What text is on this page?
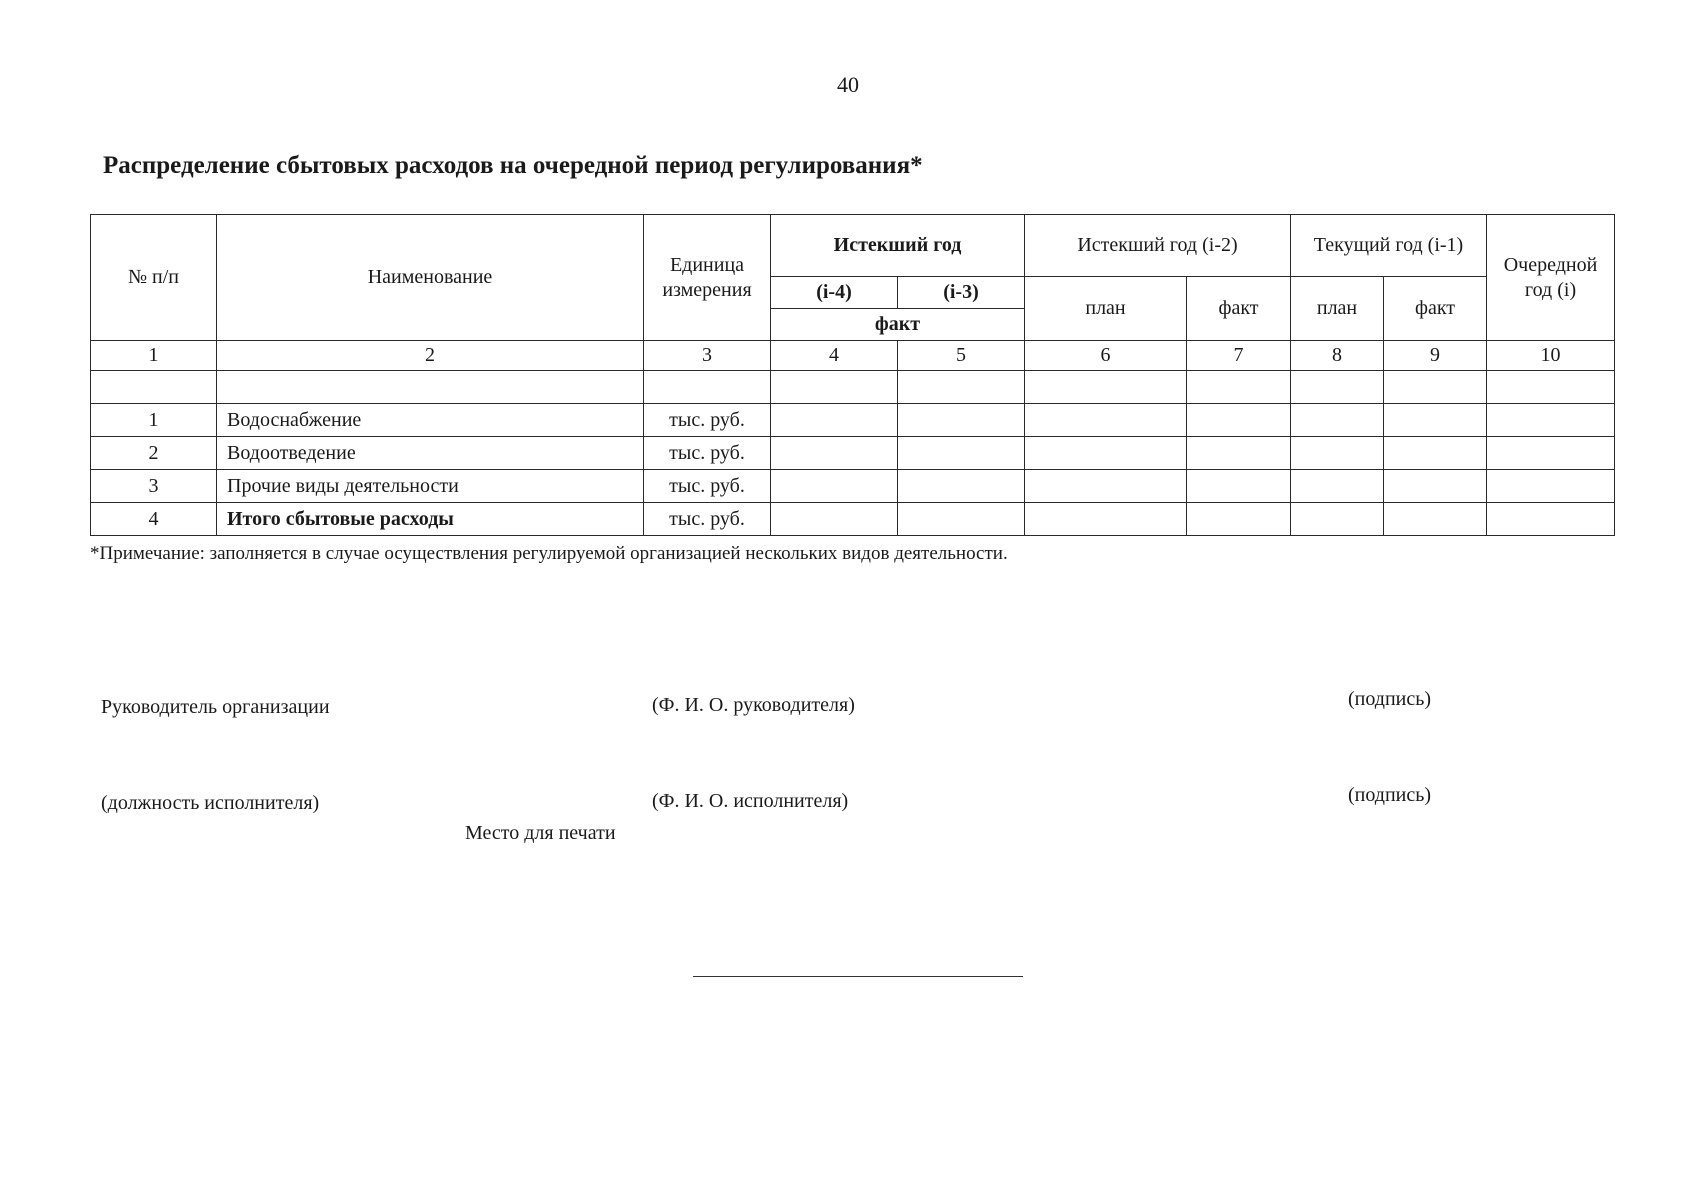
40
Распределение сбытовых расходов на очередной период регулирования*
№ п/п	Наименование	Единица измерения	Истекший год		Истекший год (i-2)		Текущий год (i-1)		Очередной год (i)
			(i-4)	(i-3)	план	факт	план	факт	
			факт						
1	2	3	4	5	6	7	8	9	10

1	Водоснабжение	тыс. руб.							
2	Водоотведение	тыс. руб.							
3	Прочие виды деятельности	тыс. руб.							
4	Итого сбытовые расходы	тыс. руб.							
*Примечание: заполняется в случае осуществления регулируемой организацией нескольких видов деятельности.
Руководитель организации	(Ф. И. О. руководителя)	(подпись)
(должность исполнителя)	(Ф. И. О. исполнителя)	(подпись)
Место для печати
